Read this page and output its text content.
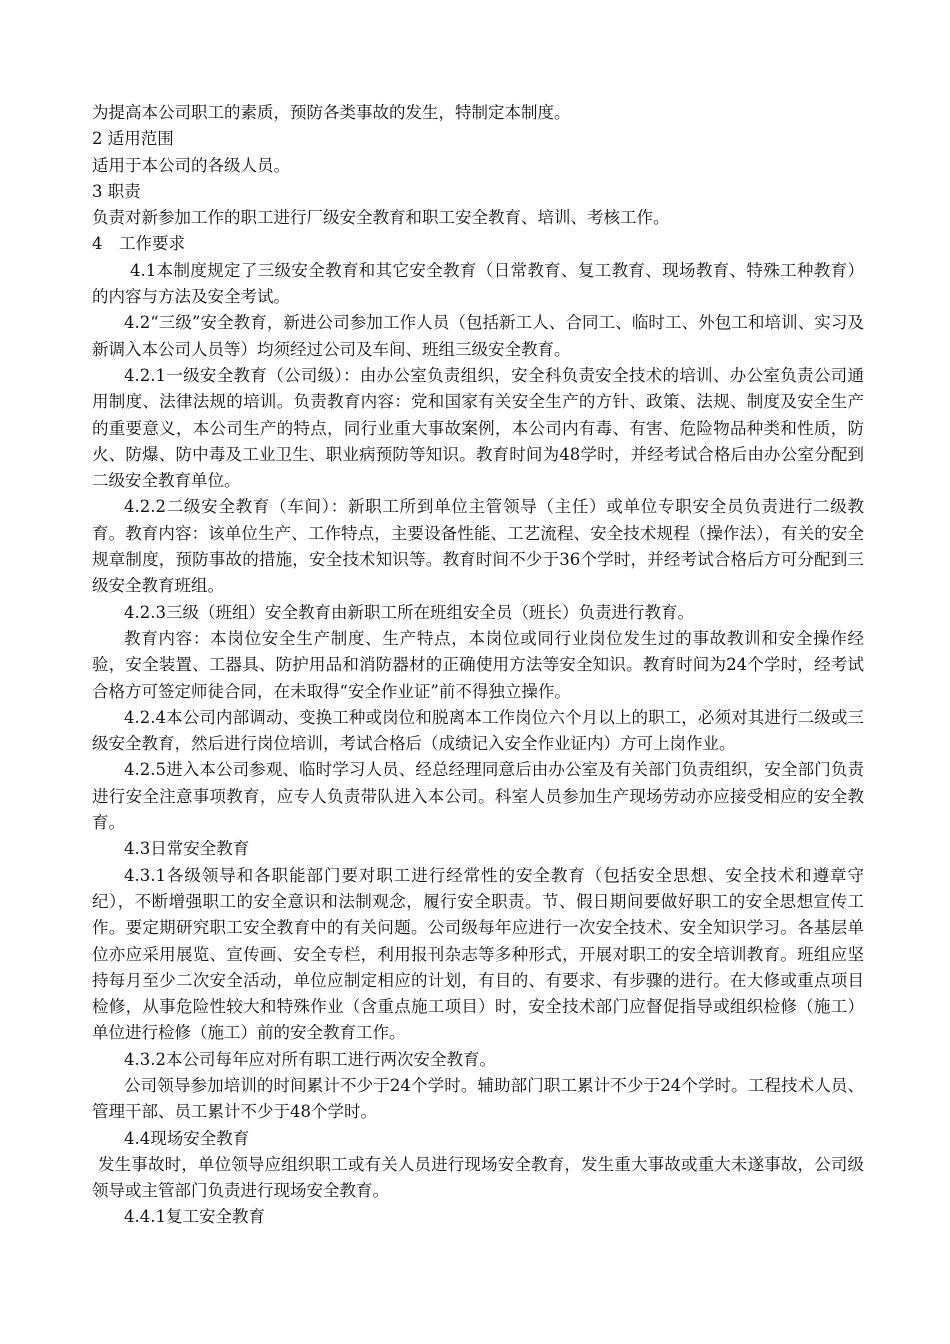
为提高本公司职工的素质，预防各类事故的发生，特制定本制度。

2 适用范围

适用于本公司的各级人员。

3 职责

负责对新参加工作的职工进行厂级安全教育和职工安全教育、培训、考核工作。

4　工作要求

4.1本制度规定了三级安全教育和其它安全教育（日常教育、复工教育、现场教育、特殊工种教育）的内容与方法及安全考试。

4.2“三级”安全教育，新进公司参加工作人员（包括新工人、合同工、临时工、外包工和培训、实习及新调入本公司人员等）均须经过公司及车间、班组三级安全教育。

4.2.1一级安全教育（公司级）：由办公室负责组织，安全科负责安全技术的培训、办公室负责公司通用制度、法律法规的培训。负责教育内容：党和国家有关安全生产的方针、政策、法规、制度及安全生产的重要意义，本公司生产的特点，同行业重大事故案例，本公司内有毒、有害、危险物品种类和性质，防火、防爆、防中毒及工业卫生、职业病预防等知识。教育时间为48学时，并经考试合格后由办公室分配到二级安全教育单位。

4.2.2二级安全教育（车间）：新职工所到单位主管领导（主任）或单位专职安全员负责进行二级教育。教育内容：该单位生产、工作特点，主要设备性能、工艺流程、安全技术规程（操作法），有关的安全规章制度，预防事故的措施，安全技术知识等。教育时间不少于36个学时，并经考试合格后方可分配到三级安全教育班组。

4.2.3三级（班组）安全教育由新职工所在班组安全员（班长）负责进行教育。

教育内容：本岗位安全生产制度、生产特点，本岗位或同行业岗位发生过的事故教训和安全操作经验，安全装置、工器具、防护用品和消防器材的正确使用方法等安全知识。教育时间为24个学时，经考试合格方可签定师徒合同，在未取得“安全作业证”前不得独立操作。

4.2.4本公司内部调动、变换工种或岗位和脱离本工作岗位六个月以上的职工，必须对其进行二级或三级安全教育，然后进行岗位培训，考试合格后（成绩记入安全作业证内）方可上岗作业。

4.2.5进入本公司参观、临时学习人员、经总经理同意后由办公室及有关部门负责组织，安全部门负责进行安全注意事项教育，应专人负责带队进入本公司。科室人员参加生产现场劳动亦应接受相应的安全教育。

4.3日常安全教育

4.3.1各级领导和各职能部门要对职工进行经常性的安全教育（包括安全思想、安全技术和遵章守纪），不断增强职工的安全意识和法制观念，履行安全职责。节、假日期间要做好职工的安全思想宣传工作。要定期研究职工安全教育中的有关问题。公司级每年应进行一次安全技术、安全知识学习。各基层单位亦应采用展览、宣传画、安全专栏，利用报刊杂志等多种形式，开展对职工的安全培训教育。班组应坚持每月至少二次安全活动，单位应制定相应的计划，有目的、有要求、有步骤的进行。在大修或重点项目检修，从事危险性较大和特殊作业（含重点施工项目）时，安全技术部门应督促指导或组织检修（施工）单位进行检修（施工）前的安全教育工作。

4.3.2本公司每年应对所有职工进行两次安全教育。

公司领导参加培训的时间累计不少于24个学时。辅助部门职工累计不少于24个学时。工程技术人员、管理干部、员工累计不少于48个学时。

4.4现场安全教育

发生事故时，单位领导应组织职工或有关人员进行现场安全教育，发生重大事故或重大未遂事故，公司级领导或主管部门负责进行现场安全教育。

4.4.1复工安全教育
